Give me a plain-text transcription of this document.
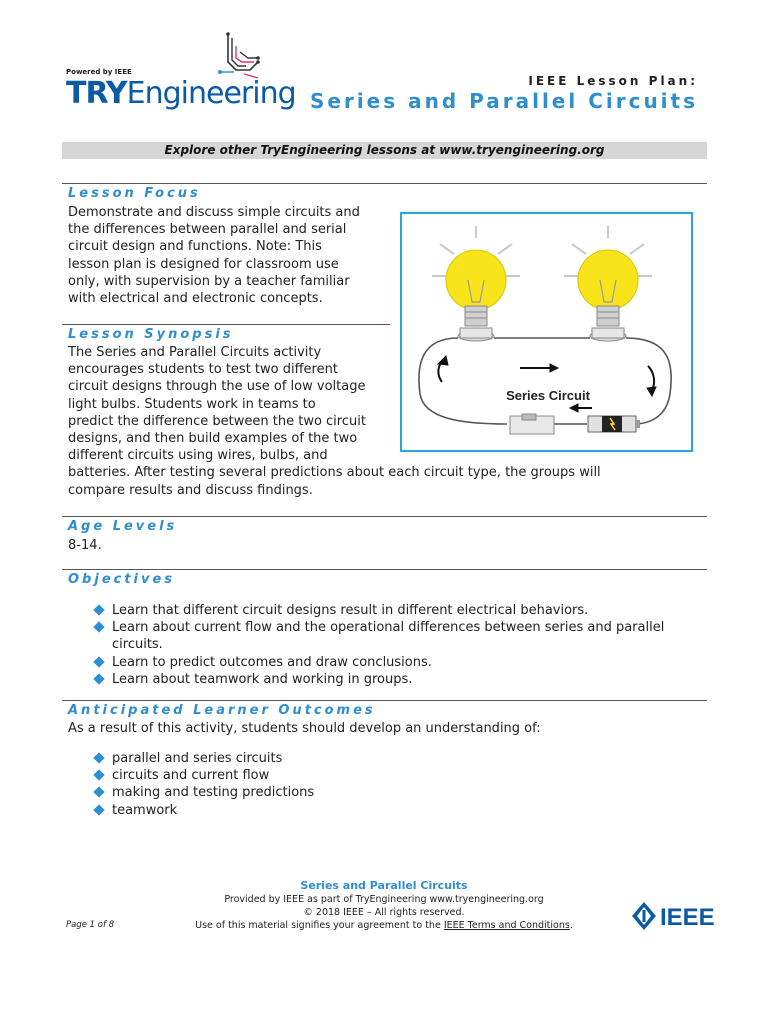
Powered by IEEE
TRYEngineering	IEEE Lesson Plan:
Series and Parallel Circuits
Explore other TryEngineering lessons at www.tryengineering.org
Lesson Focus
Demonstrate and discuss simple circuits and
the differences between parallel and serial
circuit design and functions. Note: This
lesson plan is designed for classroom use
only, with supervision by a teacher familiar
with electrical and electronic concepts.
Series Circuit
Lesson Synopsis
The Series and Parallel Circuits activity
encourages students to test two different
circuit designs through the use of low voltage
light bulbs. Students work in teams to
predict the difference between the two circuit
designs, and then build examples of the two
different circuits using wires, bulbs, and
batteries. After testing several predictions about each circuit type, the groups will
compare results and discuss findings.
Age Levels
8-14.
Objectives
Learn that different circuit designs result in different electrical behaviors.
Learn about current flow and the operational differences between series and parallel circuits.
Learn to predict outcomes and draw conclusions.
Learn about teamwork and working in groups.
Anticipated Learner Outcomes
As a result of this activity, students should develop an understanding of:
parallel and series circuits
circuits and current flow
making and testing predictions
teamwork
Series and Parallel Circuits
Provided by IEEE as part of TryEngineering www.tryengineering.org
© 2018 IEEE – All rights reserved.
Use of this material signifies your agreement to the IEEE Terms and Conditions.
Page 1 of 8	IEEE
